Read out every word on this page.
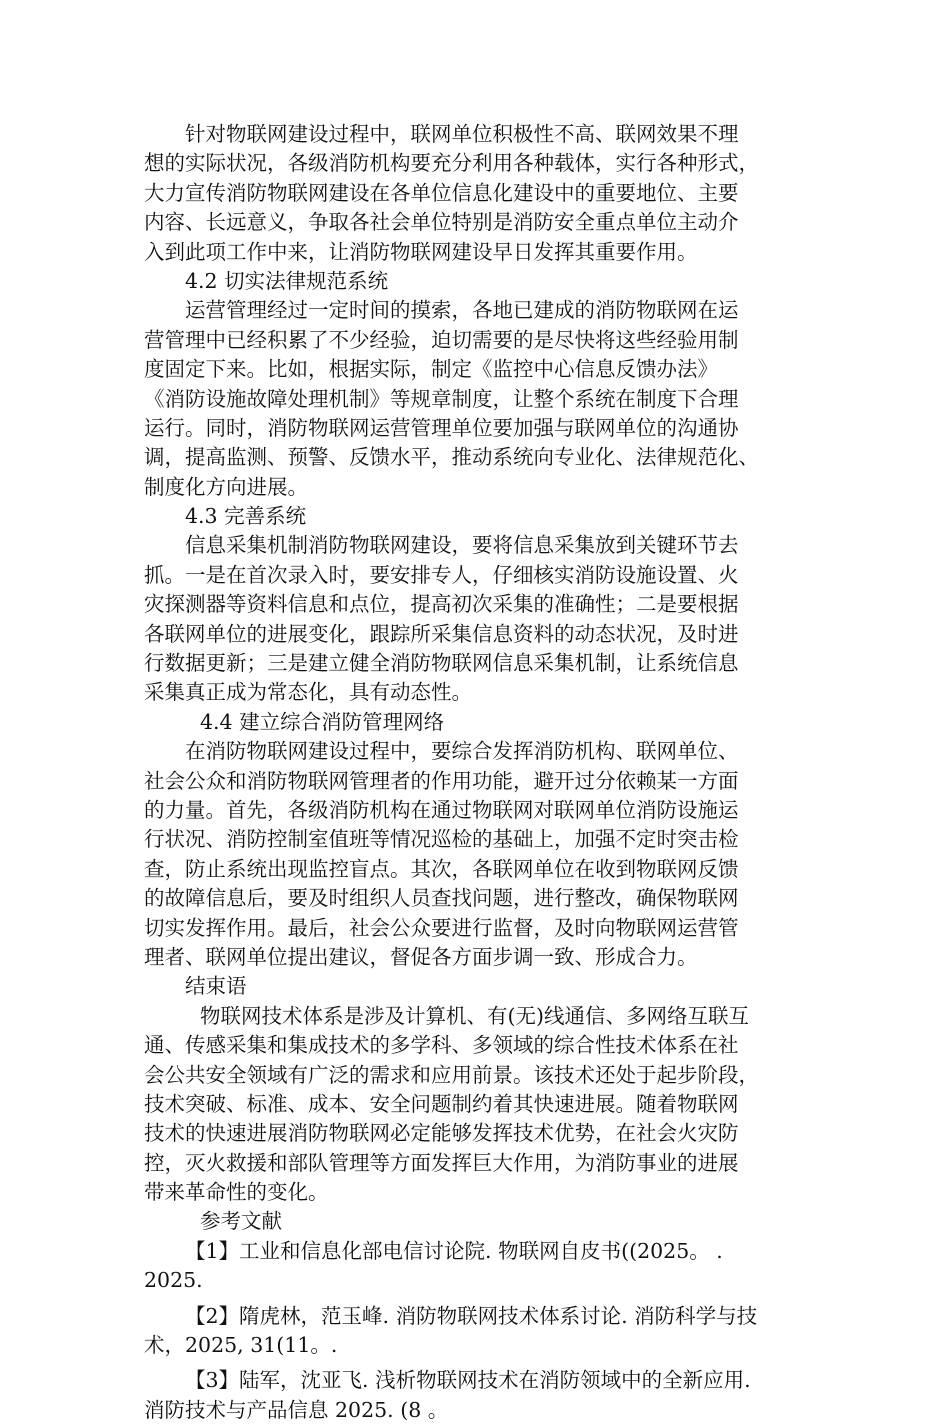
针对物联网建设过程中，联网单位积极性不高、联网效果不理
想的实际状况，各级消防机构要充分利用各种载体，实行各种形式，
大力宣传消防物联网建设在各单位信息化建设中的重要地位、主要
内容、长远意义，争取各社会单位特别是消防安全重点单位主动介
入到此项工作中来，让消防物联网建设早日发挥其重要作用。
4.2 切实法律规范系统
运营管理经过一定时间的摸索，各地已建成的消防物联网在运
营管理中已经积累了不少经验，迫切需要的是尽快将这些经验用制
度固定下来。比如，根据实际，制定《监控中心信息反馈办法》
《消防设施故障处理机制》等规章制度，让整个系统在制度下合理
运行。同时，消防物联网运营管理单位要加强与联网单位的沟通协
调，提高监测、预警、反馈水平，推动系统向专业化、法律规范化、
制度化方向进展。
4.3 完善系统
信息采集机制消防物联网建设，要将信息采集放到关键环节去
抓。一是在首次录入时，要安排专人，仔细核实消防设施设置、火
灾探测器等资料信息和点位，提高初次采集的准确性；二是要根据
各联网单位的进展变化，跟踪所采集信息资料的动态状况，及时进
行数据更新；三是建立健全消防物联网信息采集机制，让系统信息
采集真正成为常态化，具有动态性。
4.4 建立综合消防管理网络
在消防物联网建设过程中，要综合发挥消防机构、联网单位、
社会公众和消防物联网管理者的作用功能，避开过分依赖某一方面
的力量。首先，各级消防机构在通过物联网对联网单位消防设施运
行状况、消防控制室值班等情况巡检的基础上，加强不定时突击检
查，防止系统出现监控盲点。其次，各联网单位在收到物联网反馈
的故障信息后，要及时组织人员查找问题，进行整改，确保物联网
切实发挥作用。最后，社会公众要进行监督，及时向物联网运营管
理者、联网单位提出建议，督促各方面步调一致、形成合力。
结束语
物联网技术体系是涉及计算机、有(无)线通信、多网络互联互
通、传感采集和集成技术的多学科、多领域的综合性技术体系在社
会公共安全领域有广泛的需求和应用前景。该技术还处于起步阶段，
技术突破、标准、成本、安全问题制约着其快速进展。随着物联网
技术的快速进展消防物联网必定能够发挥技术优势，在社会火灾防
控，灭火救援和部队管理等方面发挥巨大作用，为消防事业的进展
带来革命性的变化。
参考文献
【1】工业和信息化部电信讨论院. 物联网自皮书((2025。 .
2025.
【2】隋虎林，范玉峰. 消防物联网技术体系讨论. 消防科学与技
术，2025, 31(11。.
【3】陆军，沈亚飞. 浅析物联网技术在消防领域中的全新应用.
消防技术与产品信息 2025. (8 。
